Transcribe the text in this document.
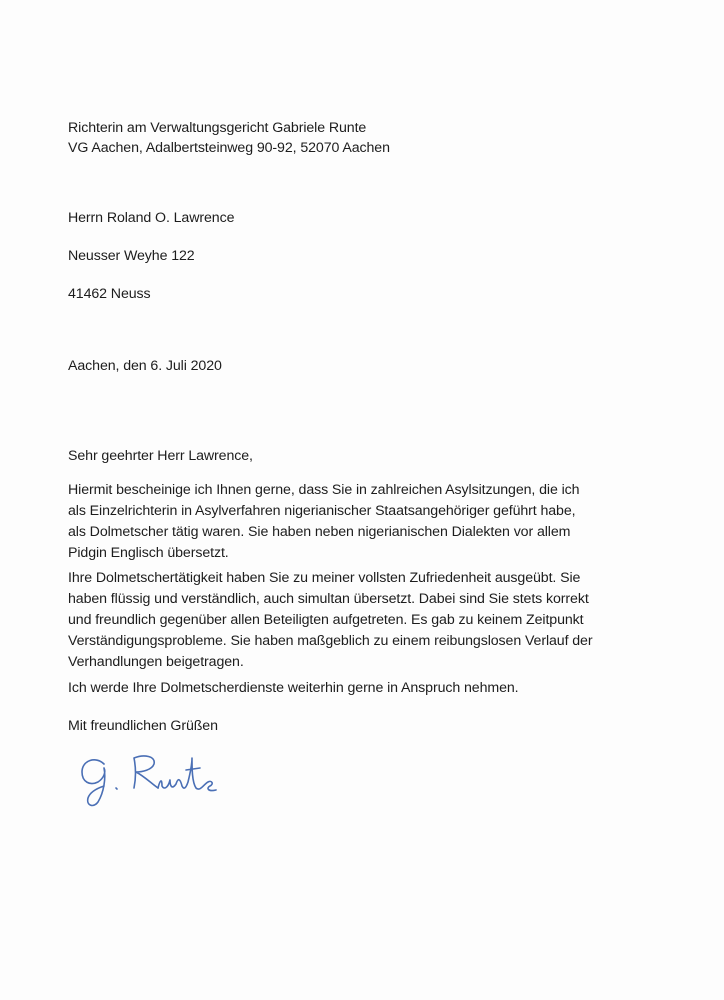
Richterin am Verwaltungsgericht Gabriele Runte
VG Aachen, Adalbertsteinweg 90-92, 52070 Aachen
Herrn Roland O. Lawrence
Neusser Weyhe 122
41462 Neuss
Aachen, den 6. Juli 2020
Sehr geehrter Herr Lawrence,
Hiermit bescheinige ich Ihnen gerne, dass Sie in zahlreichen Asylsitzungen, die ich
als Einzelrichterin in Asylverfahren nigerianischer Staatsangehöriger geführt habe,
als Dolmetscher tätig waren. Sie haben neben nigerianischen Dialekten vor allem
Pidgin Englisch übersetzt.
Ihre Dolmetschertätigkeit haben Sie zu meiner vollsten Zufriedenheit ausgeübt. Sie
haben flüssig und verständlich, auch simultan übersetzt. Dabei sind Sie stets korrekt
und freundlich gegenüber allen Beteiligten aufgetreten. Es gab zu keinem Zeitpunkt
Verständigungsprobleme. Sie haben maßgeblich zu einem reibungslosen Verlauf der
Verhandlungen beigetragen.
Ich werde Ihre Dolmetscherdienste weiterhin gerne in Anspruch nehmen.
Mit freundlichen Grüßen
